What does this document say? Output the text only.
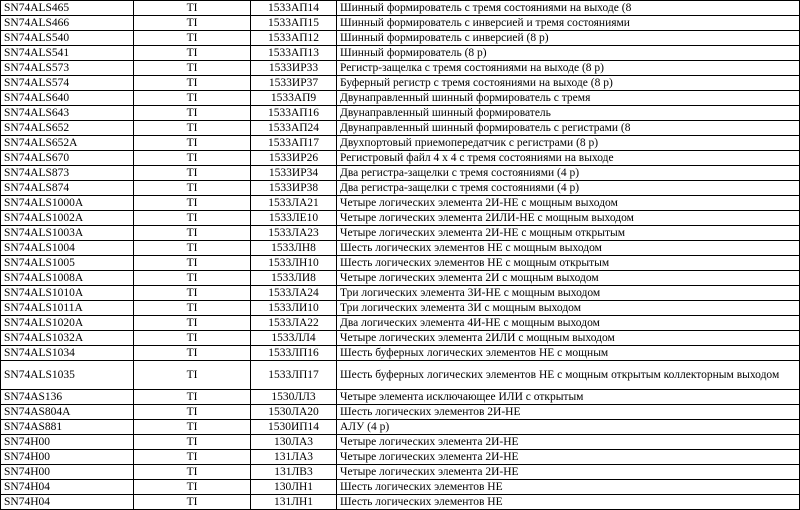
SN74ALS465	TI	1533АП14	Шинный формирователь с тремя состояниями на выходе (8
SN74ALS466	TI	1533АП15	Шинный формирователь с инверсией и тремя состояниями
SN74ALS540	TI	1533АП12	Шинный формирователь с инверсией (8 р)
SN74ALS541	TI	1533АП13	Шинный формирователь (8 р)
SN74ALS573	TI	1533ИР33	Регистр-защелка с тремя состояниями на выходе (8 р)
SN74ALS574	TI	1533ИР37	Буферный регистр с тремя состояниями на выходе (8 р)
SN74ALS640	TI	1533АП9	Двунаправленный шинный формирователь с тремя
SN74ALS643	TI	1533АП16	Двунаправленный шинный формирователь
SN74ALS652	TI	1533АП24	Двунаправленный шинный формирователь с регистрами (8
SN74ALS652A	TI	1533АП17	Двухпортовый приемопередатчик с регистрами (8 р)
SN74ALS670	TI	1533ИР26	Регистровый файл 4 х 4 с тремя состояниями на выходе
SN74ALS873	TI	1533ИР34	Два регистра-защелки с тремя состояниями (4 р)
SN74ALS874	TI	1533ИР38	Два регистра-защелки с тремя состояниями (4 р)
SN74ALS1000A	TI	1533ЛА21	Четыре логических элемента 2И-НЕ с мощным выходом
SN74ALS1002A	TI	1533ЛЕ10	Четыре логических элемента 2ИЛИ-НЕ с мощным выходом
SN74ALS1003A	TI	1533ЛА23	Четыре логических элемента 2И-НЕ с мощным открытым
SN74ALS1004	TI	1533ЛН8	Шесть логических элементов НЕ с мощным выходом
SN74ALS1005	TI	1533ЛН10	Шесть логических элементов НЕ с мощным открытым
SN74ALS1008A	TI	1533ЛИ8	Четыре логических элемента 2И с мощным выходом
SN74ALS1010A	TI	1533ЛА24	Три логических элемента 3И-НЕ с мощным выходом
SN74ALS1011A	TI	1533ЛИ10	Три логических элемента 3И с мощным выходом
SN74ALS1020A	TI	1533ЛА22	Два логических элемента 4И-НЕ с мощным выходом
SN74ALS1032A	TI	1533ЛЛ4	Четыре логических элемента 2ИЛИ с мощным выходом
SN74ALS1034	TI	1533ЛП16	Шесть буферных логических элементов НЕ с мощным
SN74ALS1035	TI	1533ЛП17	Шесть буферных логических элементов НЕ с мощным открытым коллекторным выходом
SN74AS136	TI	1530ЛЛ3	Четыре элемента исключающее ИЛИ с открытым
SN74AS804A	TI	1530ЛА20	Шесть логических элементов 2И-НЕ
SN74AS881	TI	1530ИП14	АЛУ (4 р)
SN74H00	TI	130ЛА3	Четыре логических элемента 2И-НЕ
SN74H00	TI	131ЛА3	Четыре логических элемента 2И-НЕ
SN74H00	TI	131ЛВ3	Четыре логических элемента 2И-НЕ
SN74H04	TI	130ЛН1	Шесть логических элементов НЕ
SN74H04	TI	131ЛН1	Шесть логических элементов НЕ
